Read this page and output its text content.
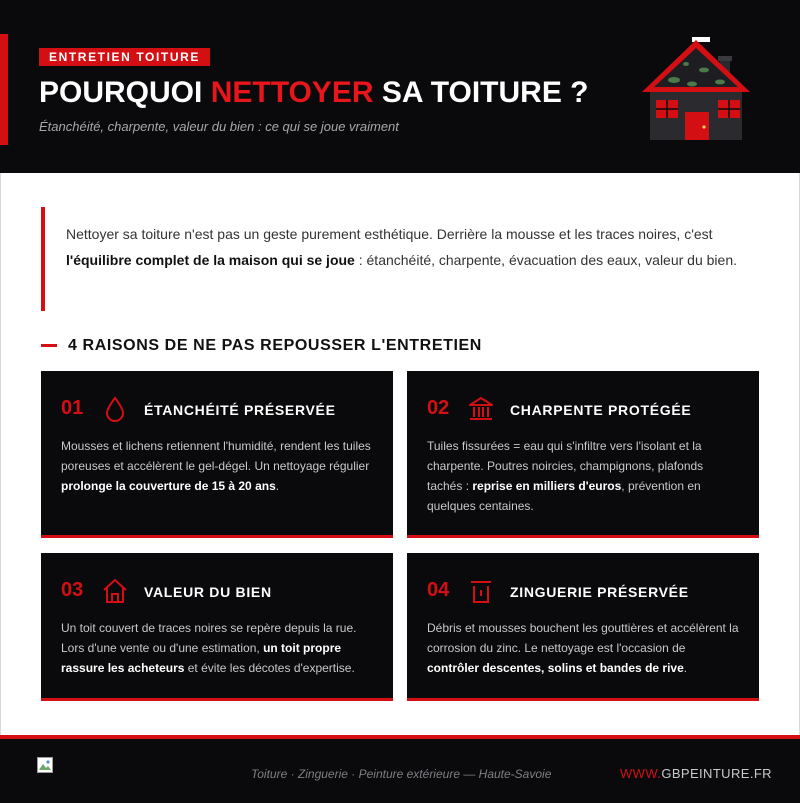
ENTRETIEN TOITURE
POURQUOI NETTOYER SA TOITURE ?
Étanchéité, charpente, valeur du bien : ce qui se joue vraiment

Nettoyer sa toiture n'est pas un geste purement esthétique. Derrière la mousse et les traces noires, c'est l'équilibre complet de la maison qui se joue : étanchéité, charpente, évacuation des eaux, valeur du bien.

4 RAISONS DE NE PAS REPOUSSER L'ENTRETIEN
01	ÉTANCHÉITÉ PRÉSERVÉE

Mousses et lichens retiennent l'humidité, rendent les tuiles poreuses et accélèrent le gel-dégel. Un nettoyage régulier prolonge la couverture de 15 à 20 ans.

02	CHARPENTE PROTÉGÉE

Tuiles fissurées = eau qui s'infiltre vers l'isolant et la charpente. Poutres noircies, champignons, plafonds tachés : reprise en milliers d'euros, prévention en quelques centaines.

03	VALEUR DU BIEN

Un toit couvert de traces noires se repère depuis la rue. Lors d'une vente ou d'une estimation, un toit propre rassure les acheteurs et évite les décotes d'expertise.

04	ZINGUERIE PRÉSERVÉE

Débris et mousses bouchent les gouttières et accélèrent la corrosion du zinc. Le nettoyage est l'occasion de contrôler descentes, solins et bandes de rive.

Toiture · Zinguerie · Peinture extérieure — Haute-Savoie	WWW.GBPEINTURE.FR
